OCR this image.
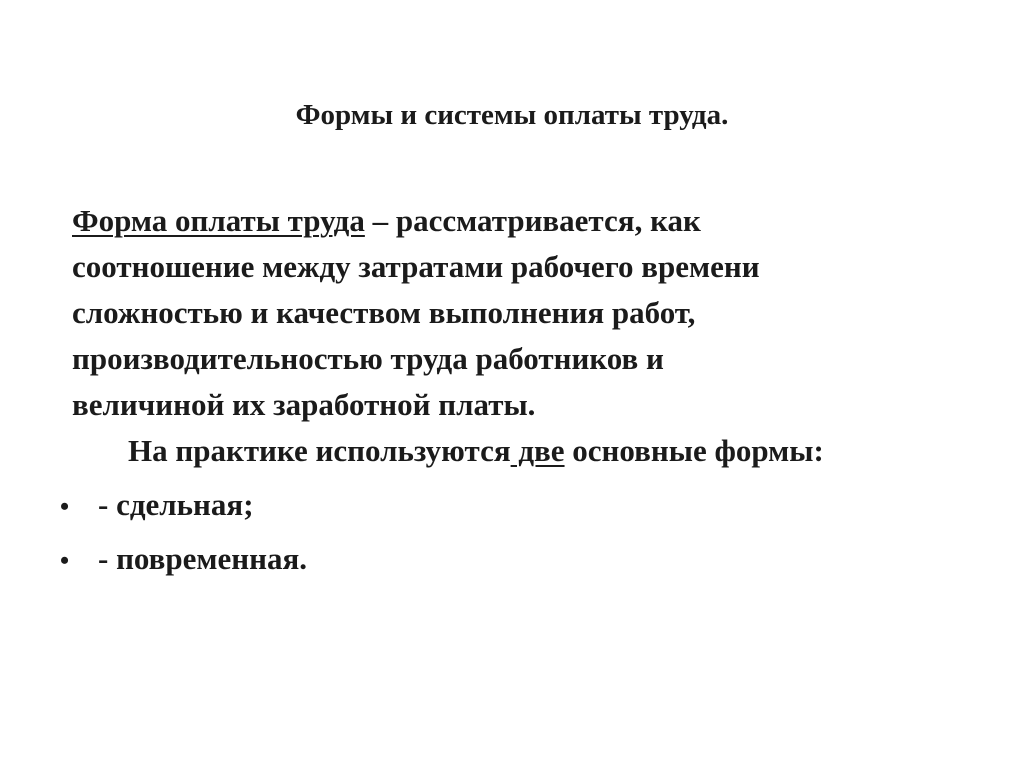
Формы и системы оплаты труда.
Форма оплаты труда – рассматривается, как
соотношение между затратами рабочего времени
сложностью и качеством выполнения работ,
производительностью труда работников и
величиной их заработной платы.
На практике используются две основные формы:
• - сдельная;
• - повременная.
